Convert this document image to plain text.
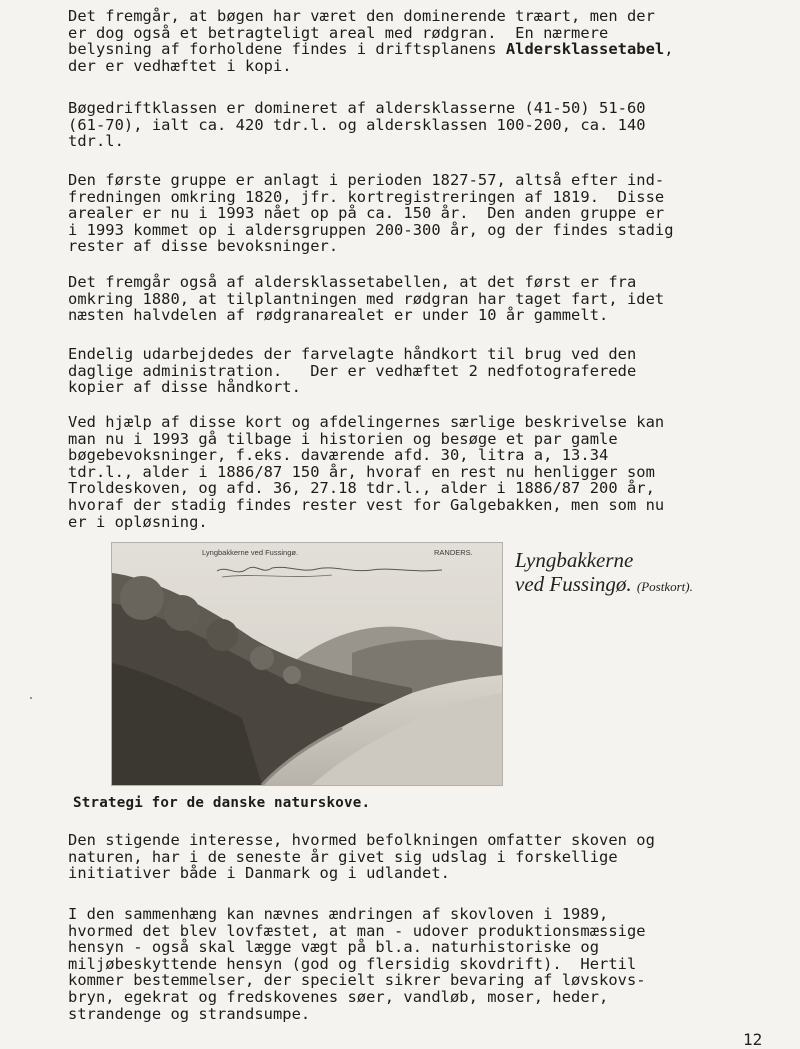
Det fremgår, at bøgen har været den dominerende træart, men der
er dog også et betragteligt areal med rødgran.  En nærmere
belysning af forholdene findes i driftsplanens Aldersklassetabel,
der er vedhæftet i kopi.

Bøgedriftklassen er domineret af aldersklasserne (41-50) 51-60
(61-70), ialt ca. 420 tdr.l. og aldersklassen 100-200, ca. 140
tdr.l.

Den første gruppe er anlagt i perioden 1827-57, altså efter ind-
fredningen omkring 1820, jfr. kortregistreringen af 1819.  Disse
arealer er nu i 1993 nået op på ca. 150 år.  Den anden gruppe er
i 1993 kommet op i aldersgruppen 200-300 år, og der findes stadig
rester af disse bevoksninger.

Det fremgår også af aldersklassetabellen, at det først er fra
omkring 1880, at tilplantningen med rødgran har taget fart, idet
næsten halvdelen af rødgranarealet er under 10 år gammelt.

Endelig udarbejdedes der farvelagte håndkort til brug ved den
daglige administration.   Der er vedhæftet 2 nedfotograferede
kopier af disse håndkort.

Ved hjælp af disse kort og afdelingernes særlige beskrivelse kan
man nu i 1993 gå tilbage i historien og besøge et par gamle
bøgebevoksninger, f.eks. daværende afd. 30, litra a, 13.34
tdr.l., alder i 1886/87 150 år, hvoraf en rest nu henligger som
Troldeskoven, og afd. 36, 27.18 tdr.l., alder i 1886/87 200 år,
hvoraf der stadig findes rester vest for Galgebakken, men som nu
er i opløsning.

Lyngbakkerne ved Fussingø.	RANDERS. Lyngbakkerne
ved Fussingø. (Postkort).
Strategi for de danske naturskove.

Den stigende interesse, hvormed befolkningen omfatter skoven og
naturen, har i de seneste år givet sig udslag i forskellige
initiativer både i Danmark og i udlandet.

I den sammenhæng kan nævnes ændringen af skovloven i 1989,
hvormed det blev lovfæstet, at man - udover produktionsmæssige
hensyn - også skal lægge vægt på bl.a. naturhistoriske og
miljøbeskyttende hensyn (god og flersidig skovdrift).  Hertil
kommer bestemmelser, der specielt sikrer bevaring af løvskovs-
bryn, egekrat og fredskovenes søer, vandløb, moser, heder,
strandenge og strandsumpe.

12
